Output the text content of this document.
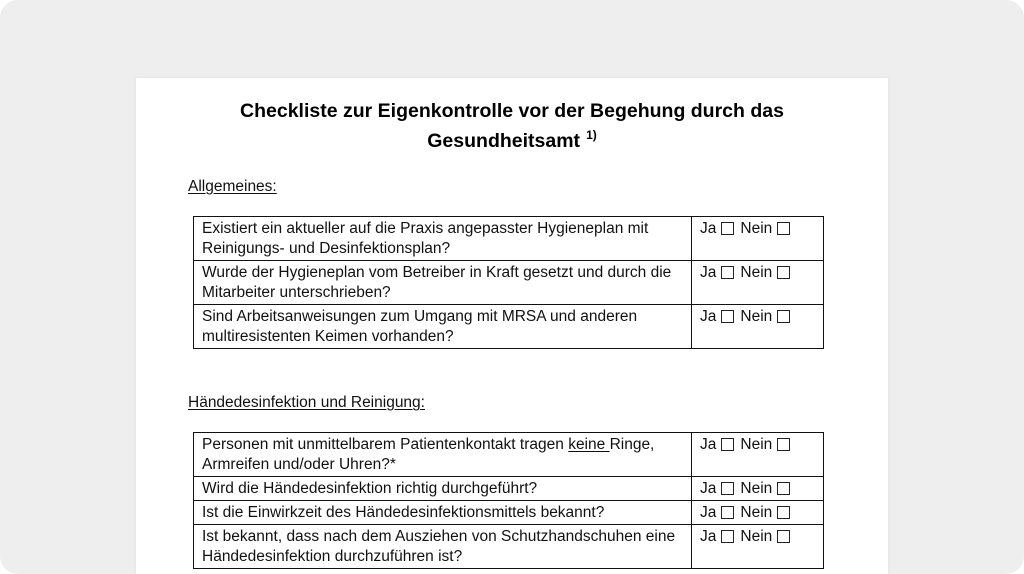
Checkliste zur Eigenkontrolle vor der Begehung durch das
Gesundheitsamt $^{1)}$
Allgemeines:
Existiert ein aktueller auf die Praxis angepasster Hygieneplan mit
Reinigungs- und Desinfektionsplan?	Ja Nein

Wurde der Hygieneplan vom Betreiber in Kraft gesetzt und durch die
Mitarbeiter unterschrieben?	Ja Nein

Sind Arbeitsanweisungen zum Umgang mit MRSA und anderen
multiresistenten Keimen vorhanden?	Ja Nein
Händedesinfektion und Reinigung:
Personen mit unmittelbarem Patientenkontakt tragen keine Ringe,
Armreifen und/oder Uhren?*	Ja Nein

Wird die Händedesinfektion richtig durchgeführt?	Ja Nein

Ist die Einwirkzeit des Händedesinfektionsmittels bekannt?	Ja Nein

Ist bekannt, dass nach dem Ausziehen von Schutzhandschuhen eine
Händedesinfektion durchzuführen ist?	Ja Nein
